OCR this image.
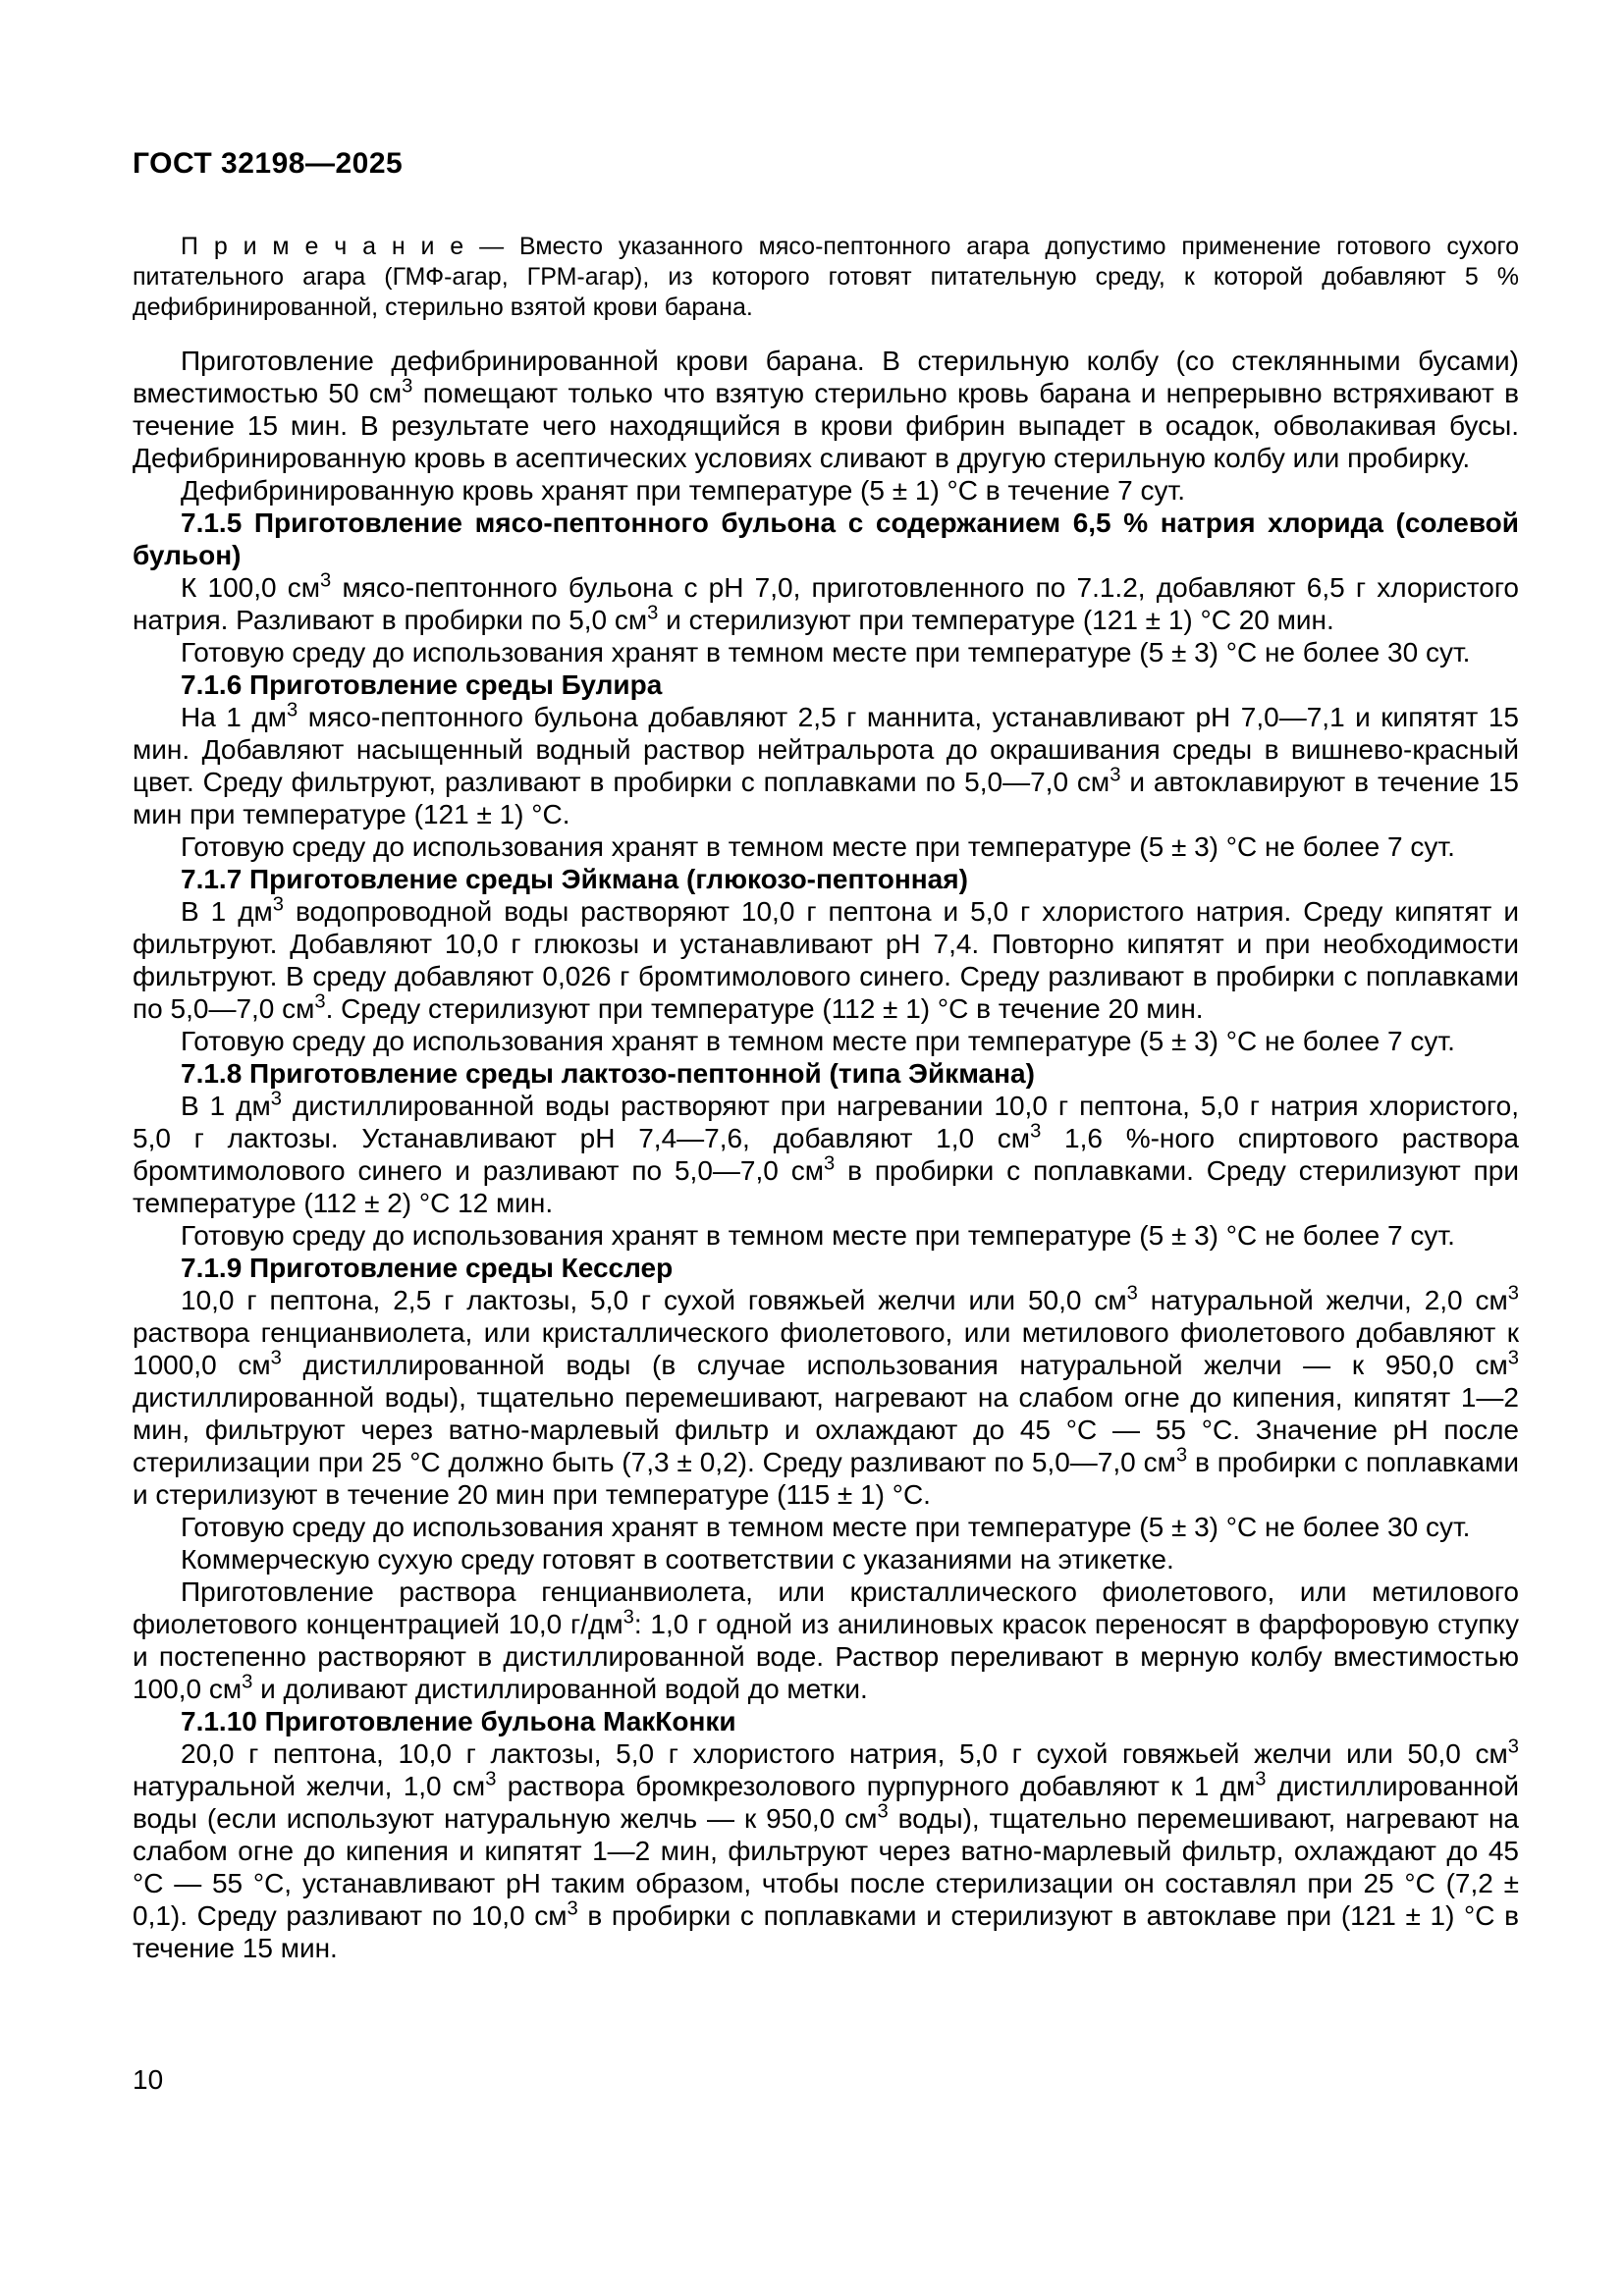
ГОСТ 32198—2025

П р и м е ч а н и е — Вместо указанного мясо-пептонного агара допустимо применение готового сухого питательного агара (ГМФ-агар, ГРМ-агар), из которого готовят питательную среду, к которой добавляют 5 % дефибринированной, стерильно взятой крови барана.

Приготовление дефибринированной крови барана. В стерильную колбу (со стеклянными бусами) вместимостью 50 $см^3$ помещают только что взятую стерильно кровь барана и непрерывно встряхивают в течение 15 мин. В результате чего находящийся в крови фибрин выпадет в осадок, обволакивая бусы. Дефибринированную кровь в асептических условиях сливают в другую стерильную колбу или пробирку.

Дефибринированную кровь хранят при температуре (5 ± 1) °С в течение 7 сут.

7.1.5 Приготовление мясо-пептонного бульона с содержанием 6,5 % натрия хлорида (солевой бульон)

К 100,0 $см^3$ мясо-пептонного бульона с рН 7,0, приготовленного по 7.1.2, добавляют 6,5 г хлористого натрия. Разливают в пробирки по 5,0 $см^3$ и стерилизуют при температуре (121 ± 1) °С 20 мин.

Готовую среду до использования хранят в темном месте при температуре (5 ± 3) °С не более 30 сут.

7.1.6 Приготовление среды Булира

На 1 $дм^3$ мясо-пептонного бульона добавляют 2,5 г маннита, устанавливают рН 7,0—7,1 и кипятят 15 мин. Добавляют насыщенный водный раствор нейтральрота до окрашивания среды в вишнево-красный цвет. Среду фильтруют, разливают в пробирки с поплавками по 5,0—7,0 $см^3$ и автоклавируют в течение 15 мин при температуре (121 ± 1) °С.

Готовую среду до использования хранят в темном месте при температуре (5 ± 3) °С не более 7 сут.

7.1.7 Приготовление среды Эйкмана (глюкозо-пептонная)

В 1 $дм^3$ водопроводной воды растворяют 10,0 г пептона и 5,0 г хлористого натрия. Среду кипятят и фильтруют. Добавляют 10,0 г глюкозы и устанавливают рН 7,4. Повторно кипятят и при необходимости фильтруют. В среду добавляют 0,026 г бромтимолового синего. Среду разливают в пробирки с поплавками по 5,0—7,0 $см^3$. Среду стерилизуют при температуре (112 ± 1) °С в течение 20 мин.

Готовую среду до использования хранят в темном месте при температуре (5 ± 3) °С не более 7 сут.

7.1.8 Приготовление среды лактозо-пептонной (типа Эйкмана)

В 1 $дм^3$ дистиллированной воды растворяют при нагревании 10,0 г пептона, 5,0 г натрия хлористого, 5,0 г лактозы. Устанавливают рН 7,4—7,6, добавляют 1,0 $см^3$ 1,6 %-ного спиртового раствора бромтимолового синего и разливают по 5,0—7,0 $см^3$ в пробирки с поплавками. Среду стерилизуют при температуре (112 ± 2) °С 12 мин.

Готовую среду до использования хранят в темном месте при температуре (5 ± 3) °С не более 7 сут.

7.1.9 Приготовление среды Кесслер

10,0 г пептона, 2,5 г лактозы, 5,0 г сухой говяжьей желчи или 50,0 $см^3$ натуральной желчи, 2,0 $см^3$ раствора генцианвиолета, или кристаллического фиолетового, или метилового фиолетового добавляют к 1000,0 $см^3$ дистиллированной воды (в случае использования натуральной желчи — к 950,0 $см^3$ дистиллированной воды), тщательно перемешивают, нагревают на слабом огне до кипения, кипятят 1—2 мин, фильтруют через ватно-марлевый фильтр и охлаждают до 45 °С — 55 °С. Значение рН после стерилизации при 25 °С должно быть (7,3 ± 0,2). Среду разливают по 5,0—7,0 $см^3$ в пробирки с поплавками и стерилизуют в течение 20 мин при температуре (115 ± 1) °С.

Готовую среду до использования хранят в темном месте при температуре (5 ± 3) °С не более 30 сут.

Коммерческую сухую среду готовят в соответствии с указаниями на этикетке.

Приготовление раствора генцианвиолета, или кристаллического фиолетового, или метилового фиолетового концентрацией 10,0 $г/дм^3$: 1,0 г одной из анилиновых красок переносят в фарфоровую ступку и постепенно растворяют в дистиллированной воде. Раствор переливают в мерную колбу вместимостью 100,0 $см^3$ и доливают дистиллированной водой до метки.

7.1.10 Приготовление бульона МакКонки

20,0 г пептона, 10,0 г лактозы, 5,0 г хлористого натрия, 5,0 г сухой говяжьей желчи или 50,0 $см^3$ натуральной желчи, 1,0 $см^3$ раствора бромкрезолового пурпурного добавляют к 1 $дм^3$ дистиллированной воды (если используют натуральную желчь — к 950,0 $см^3$ воды), тщательно перемешивают, нагревают на слабом огне до кипения и кипятят 1—2 мин, фильтруют через ватно-марлевый фильтр, охлаждают до 45 °С — 55 °С, устанавливают рН таким образом, чтобы после стерилизации он составлял при 25 °С (7,2 ± 0,1). Среду разливают по 10,0 $см^3$ в пробирки с поплавками и стерилизуют в автоклаве при (121 ± 1) °С в течение 15 мин.

10
